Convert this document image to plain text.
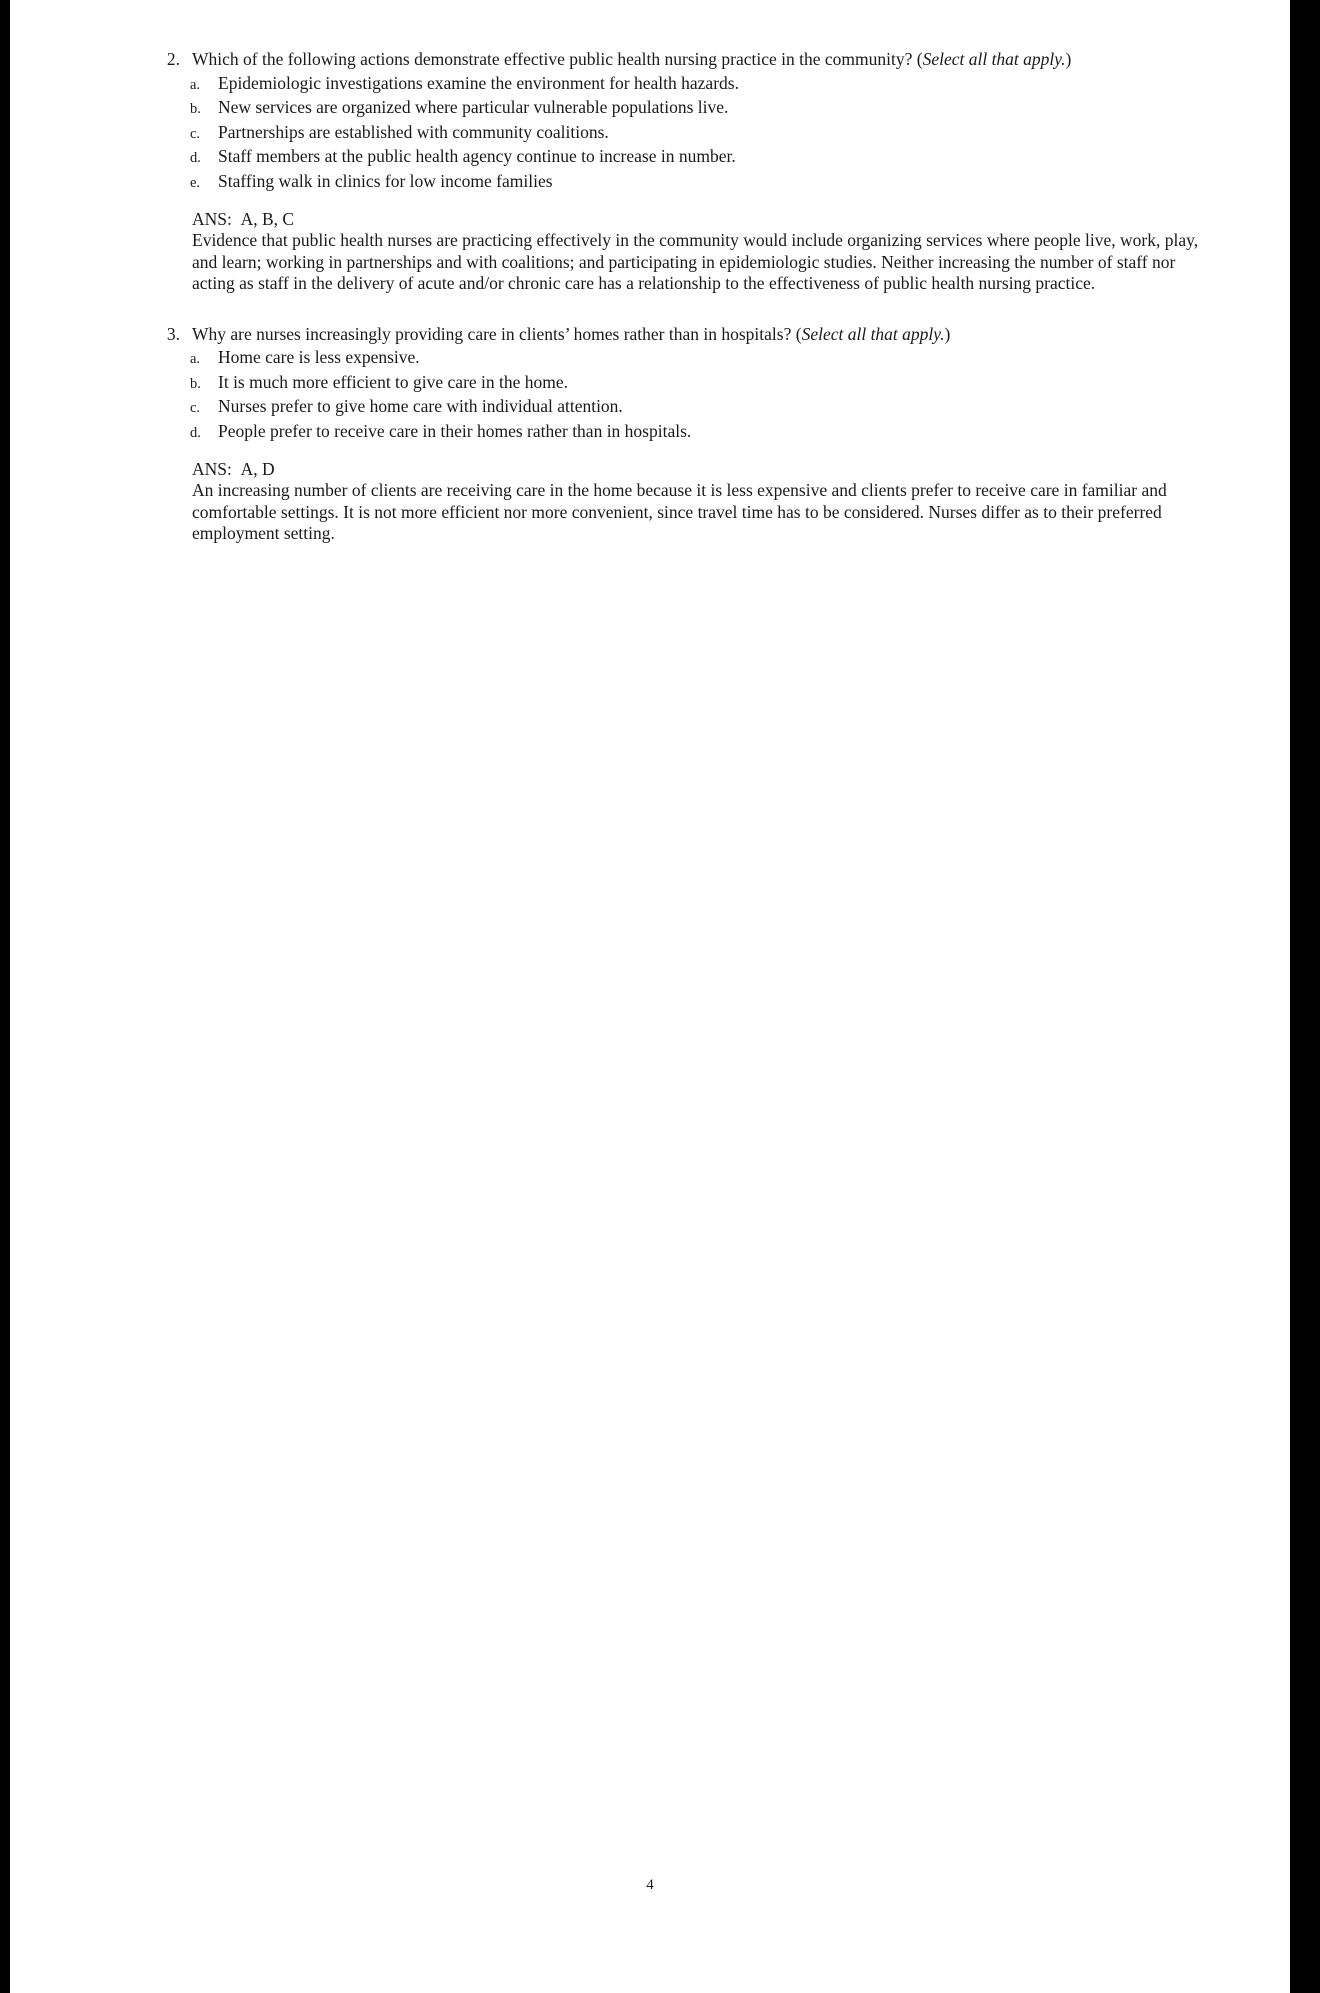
2. Which of the following actions demonstrate effective public health nursing practice in the community? (Select all that apply.)
a.	Epidemiologic investigations examine the environment for health hazards.
b. New services are organized where particular vulnerable populations live.
c.	Partnerships are established with community coalitions.
d. Staff members at the public health agency continue to increase in number.
e.	Staffing walk in clinics for low income families
ANS: A, B, C
Evidence that public health nurses are practicing effectively in the community would include organizing services where people live, work, play, and learn; working in partnerships and with coalitions; and participating in epidemiologic studies. Neither increasing the number of staff nor acting as staff in the delivery of acute and/or chronic care has a relationship to the effectiveness of public health nursing practice.
3. Why are nurses increasingly providing care in clients’ homes rather than in hospitals? (Select all that apply.)
a.	Home care is less expensive.
b. It is much more efficient to give care in the home.
c.	Nurses prefer to give home care with individual attention.
d. People prefer to receive care in their homes rather than in hospitals.
ANS: A, D
An increasing number of clients are receiving care in the home because it is less expensive and clients prefer to receive care in familiar and comfortable settings. It is not more efficient nor more convenient, since travel time has to be considered. Nurses differ as to their preferred employment setting.
4
